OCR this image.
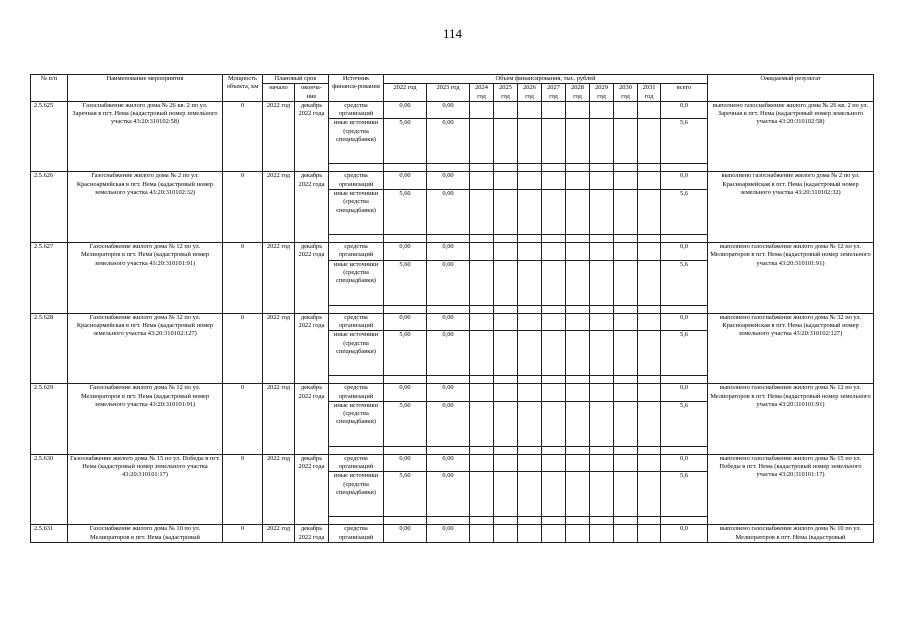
114
№ п/п	Наименование мероприятия	Мощность объекта, км	Плановый срок		Источник финанси-рования	Объем финансирования, тыс. рублей											Ожидаемый результат
			начало	оконча-ние		2022 год	2023 год	2024 год	2025 год	2026 год	2027 год	2028 год	2029 год	2030 год	2031 год	всего	
2.5.625	Газоснабжение жилого дома № 26 кв. 2 по ул. Заречная в пгт. Нема (кадастровый номер земельного участка 43:20:310102:58)	0	2022 год	декабрь 2022 года	средства организаций	0,00	0,00									0,0	выполнено газоснабжение жилого дома № 26 кв. 2 по ул. Заречная в пгт. Нема (кадастровый номер земельного участка 43:20:310102:58)
					иные источники (средства спецнадбавки)	5,60	0,00									5,6	

2.5.626	Газоснабжение жилого дома № 2 по ул. Красноармейская в пгт. Нема (кадастровый номер земельного участка 43:20:310102:32)	0	2022 год	декабрь 2022 года	средства организаций	0,00	0,00									0,0	выполнено газоснабжение жилого дома № 2 по ул. Красноармейская в пгт. Нема (кадастровый номер земельного участка 43:20:310102:32)
					иные источники (средства спецнадбавки)	5,60	0,00									5,6	

2.5.627	Газоснабжение жилого дома № 12 по ул. Мелиораторов в пгт. Нема (кадастровый номер земельного участка 43:20:310101:91)	0	2022 год	декабрь 2022 года	средства организаций	0,00	0,00									0,0	выполнено газоснабжение жилого дома № 12 по ул. Мелиораторов в пгт. Нема (кадастровый номер земельного участка 43:20:310101:91)
					иные источники (средства спецнадбавки)	5,60	0,00									5,6	

2.5.628	Газоснабжение жилого дома № 32 по ул. Красноармейская в пгт. Нема (кадастровый номер земельного участка 43:20:310102:127)	0	2022 год	декабрь 2022 года	средства организаций	0,00	0,00									0,0	выполнено газоснабжение жилого дома № 32 по ул. Красноармейская в пгт. Нема (кадастровый номер земельного участка 43:20:310102:127)
					иные источники (средства спецнадбавки)	5,60	0,00									5,6	

2.5.629	Газоснабжение жилого дома № 12 по ул. Мелиораторов в пгт. Нема (кадастровый номер земельного участка 43:20:310101:91)	0	2022 год	декабрь 2022 года	средства организаций	0,00	0,00									0,0	выполнено газоснабжение жилого дома № 12 по ул. Мелиораторов в пгт. Нема (кадастровый номер земельного участка 43:20:310101:91)
					иные источники (средства спецнадбавки)	5,60	0,00									5,6	

2.5.630	Газоснабжение жилого дома № 15 по ул. Победы в пгт. Нема (кадастровый номер земельного участка 43:20:310101:17)	0	2022 год	декабрь 2022 года	средства организаций	0,00	0,00									0,0	выполнено газоснабжение жилого дома № 15 по ул. Победы в пгт. Нема (кадастровый номер земельного участка 43:20:310101:17)
					иные источники (средства спецнадбавки)	5,60	0,00									5,6	

2.5.631	Газоснабжение жилого дома № 10 по ул. Мелиораторов в пгт. Нема (кадастровый	0	2022 год	декабрь 2022 года	средства организаций	0,00	0,00									0,0	выполнено газоснабжение жилого дома № 10 по ул. Мелиораторов в пгт. Нема (кадастровый
